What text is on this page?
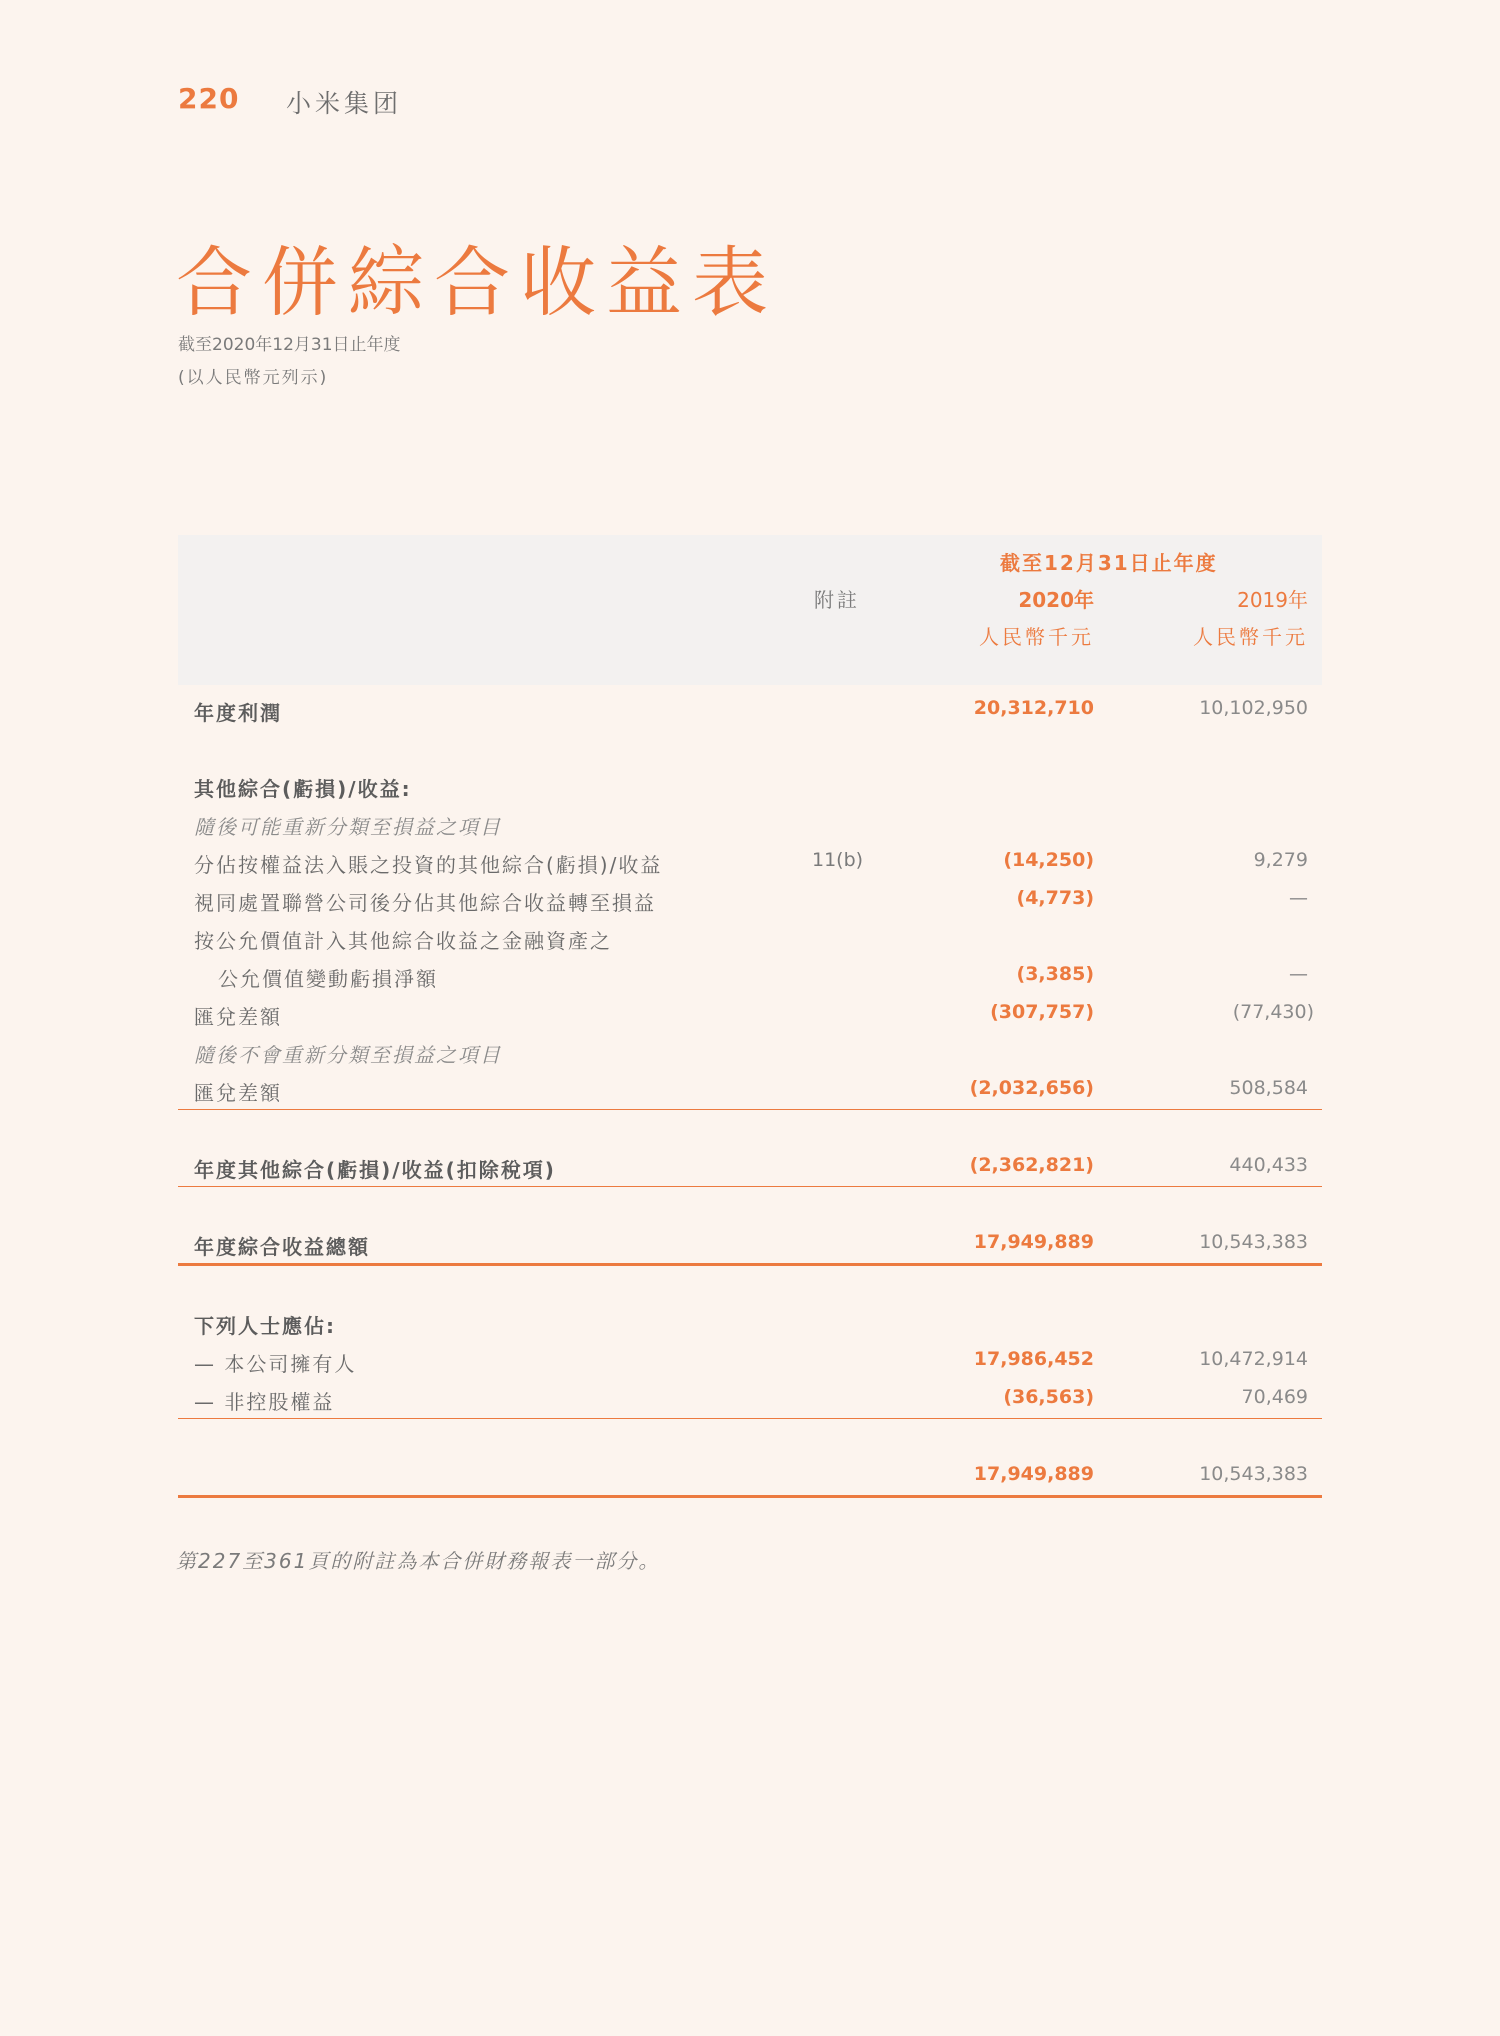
220 小米集团
合併綜合收益表
截至2020年12月31日止年度
(以人民幣元列示)
截至12月31日止年度
附註	2020年	2019年
人民幣千元	人民幣千元
年度利潤	20,312,710	10,102,950
其他綜合(虧損)/收益:
隨後可能重新分類至損益之項目
分佔按權益法入賬之投資的其他綜合(虧損)/收益	11(b)	(14,250)	9,279
視同處置聯營公司後分佔其他綜合收益轉至損益	(4,773)	—
按公允價值計入其他綜合收益之金融資產之
公允價值變動虧損淨額	(3,385)	—
匯兌差額	(307,757)	(77,430)
隨後不會重新分類至損益之項目
匯兌差額	(2,032,656)	508,584
年度其他綜合(虧損)/收益(扣除稅項)	(2,362,821)	440,433
年度綜合收益總額	17,949,889	10,543,383
下列人士應佔:
— 本公司擁有人	17,986,452	10,472,914
— 非控股權益	(36,563)	70,469
17,949,889	10,543,383
第227至361頁的附註為本合併財務報表一部分。
